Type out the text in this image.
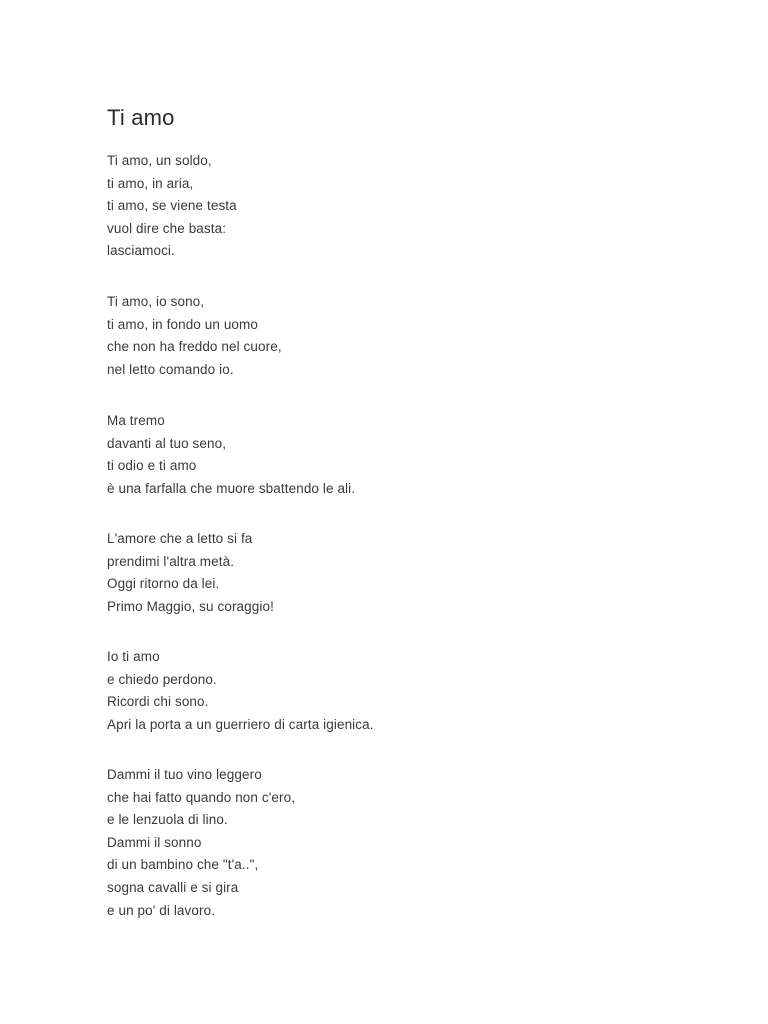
Ti amo
Ti amo, un soldo,
ti amo, in aria,
ti amo, se viene testa
vuol dire che basta:
lasciamoci.
Ti amo, io sono,
ti amo, in fondo un uomo
che non ha freddo nel cuore,
nel letto comando io.
Ma tremo
davanti al tuo seno,
ti odio e ti amo
è una farfalla che muore sbattendo le ali.
L'amore che a letto si fa
prendimi l'altra metà.
Oggi ritorno da lei.
Primo Maggio, su coraggio!
Io ti amo
e chiedo perdono.
Ricordi chi sono.
Apri la porta a un guerriero di carta igienica.
Dammi il tuo vino leggero
che hai fatto quando non c'ero,
e le lenzuola di lino.
Dammi il sonno
di un bambino che "t'a..",
sogna cavalli e si gira
e un po' di lavoro.
